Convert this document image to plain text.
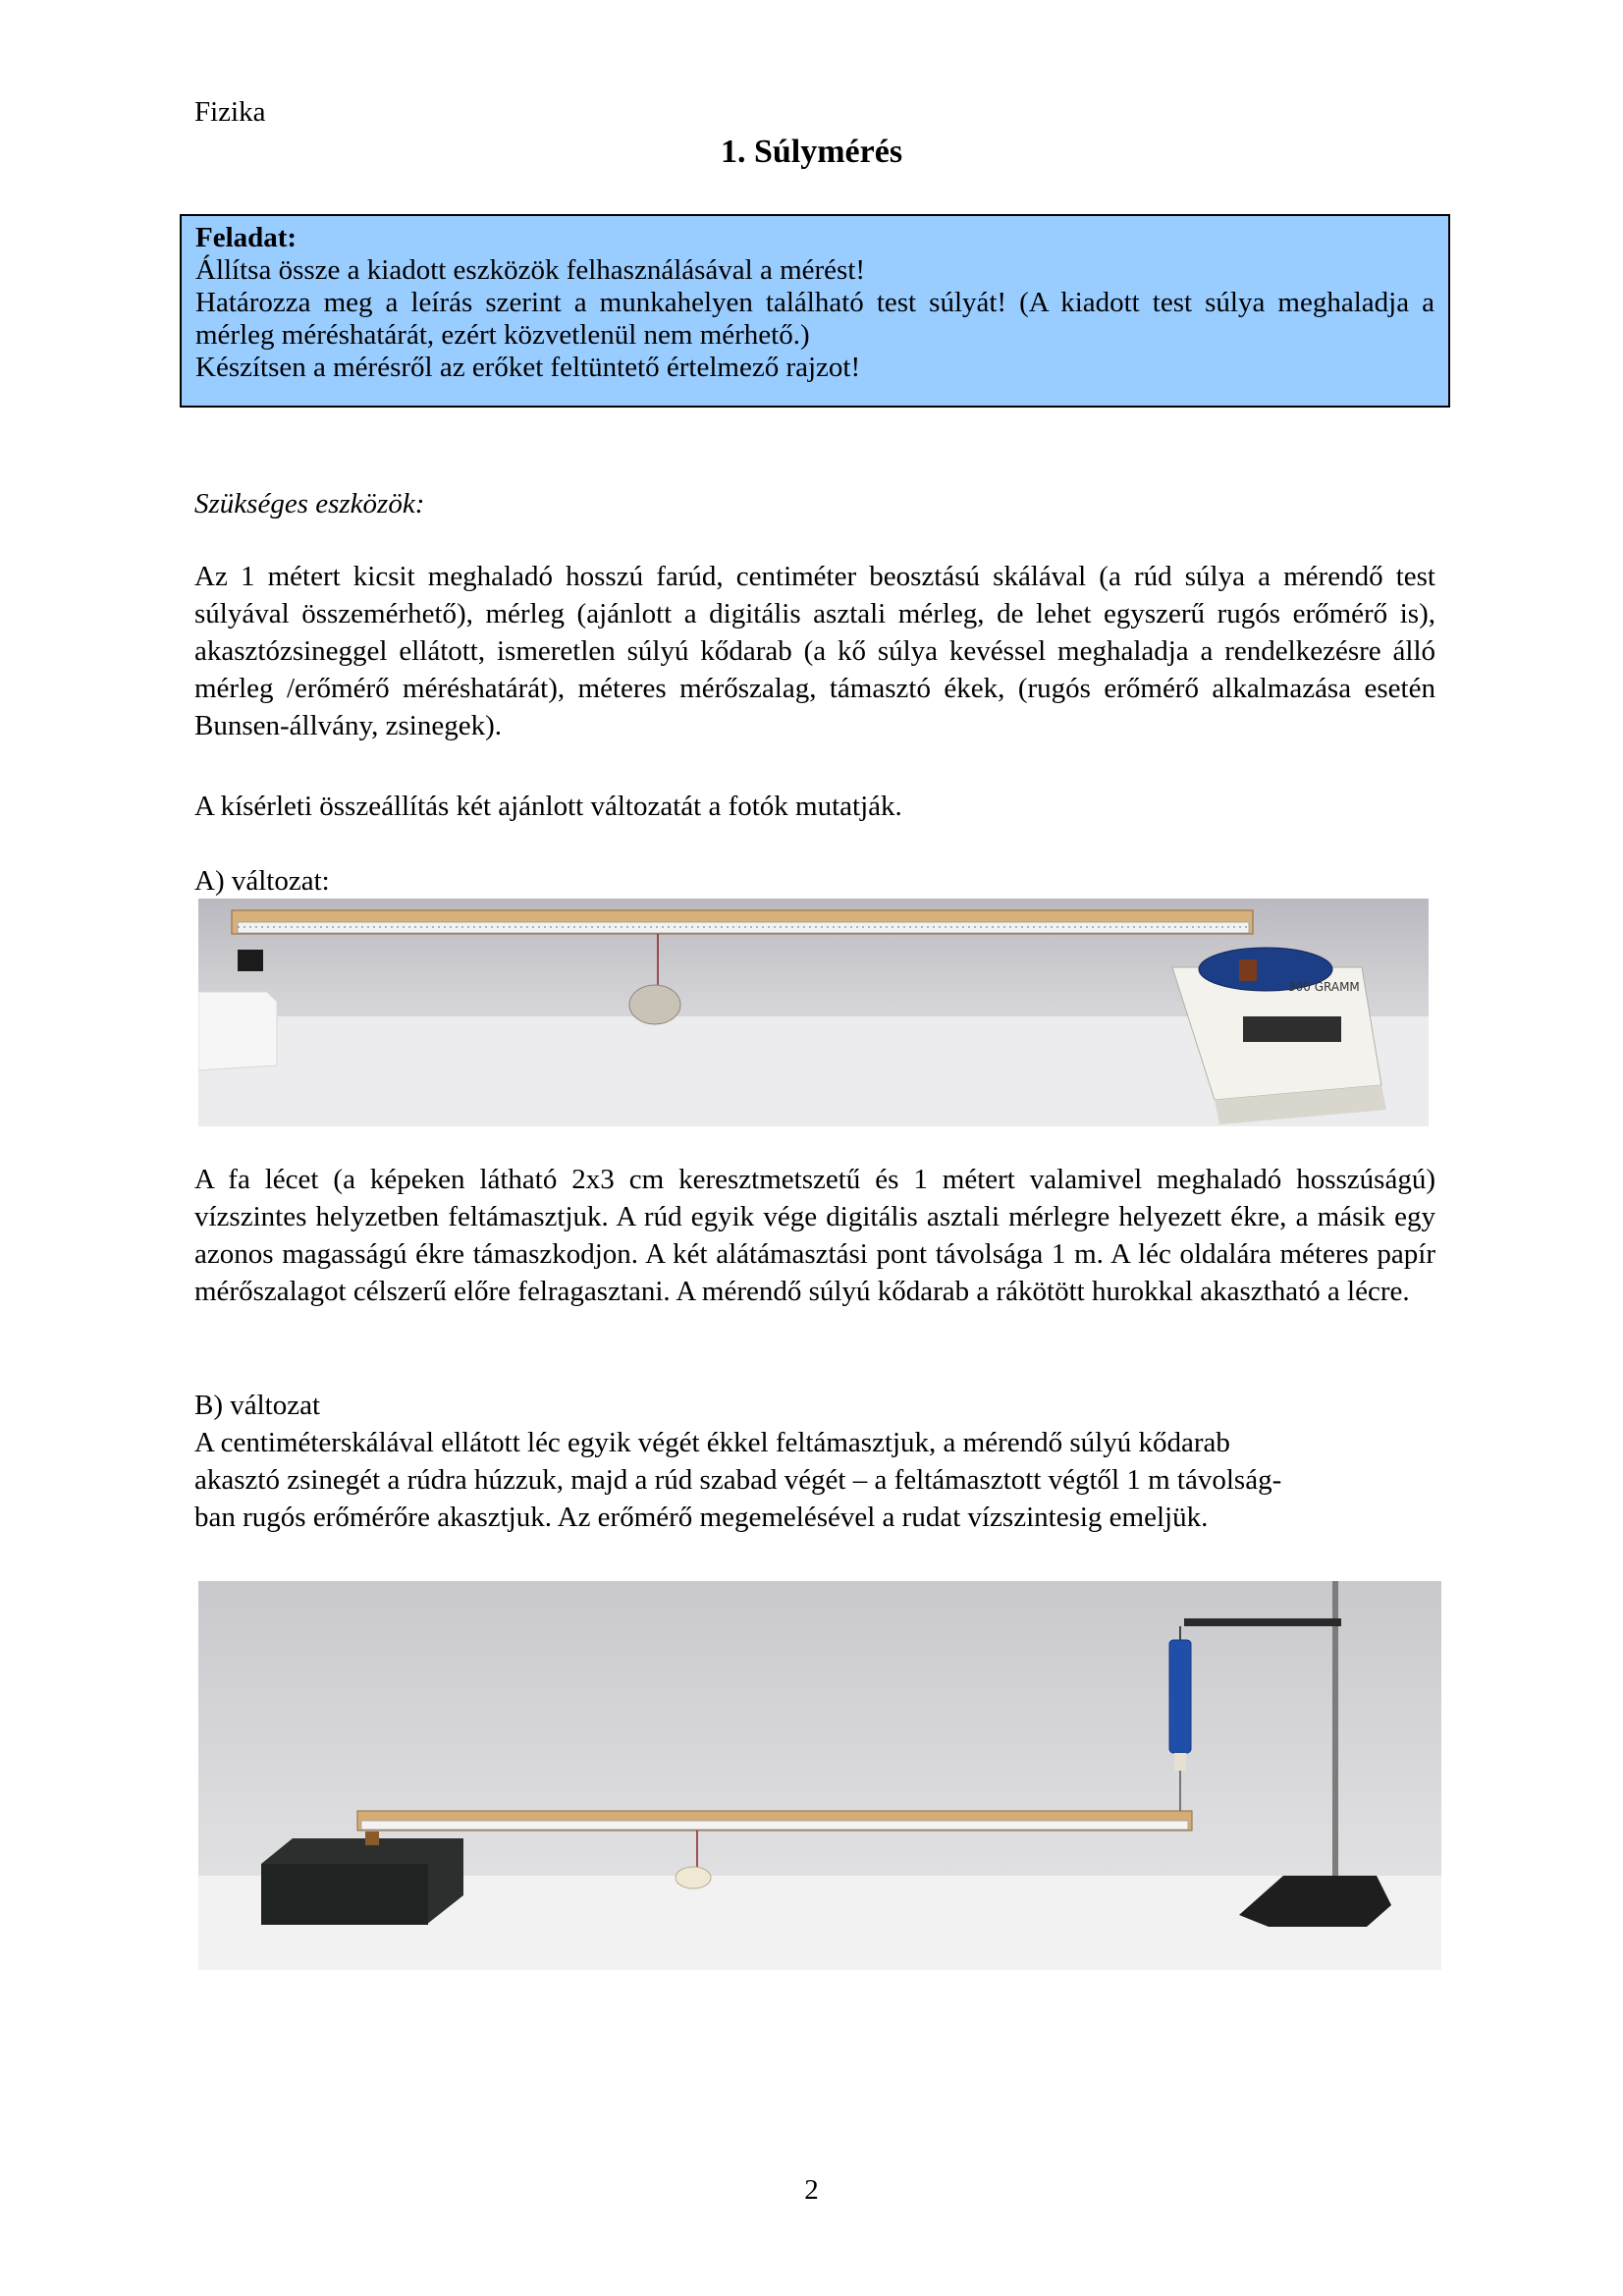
Fizika
1. Súlymérés
Feladat:

Állítsa össze a kiadott eszközök felhasználásával a mérést!

Határozza meg a leírás szerint a munkahelyen található test súlyát! (A kiadott test súlya meghaladja a mérleg méréshatárát, ezért közvetlenül nem mérhető.)

Készítsen a mérésről az erőket feltüntető értelmező rajzot!

Szükséges eszközök:

Az 1 métert kicsit meghaladó hosszú farúd, centiméter beosztású skálával (a rúd súlya a mérendő test súlyával összemérhető), mérleg (ajánlott a digitális asztali mérleg, de lehet egyszerű rugós erőmérő is), akasztózsineggel ellátott, ismeretlen súlyú kődarab (a kő súlya kevéssel meghaladja a rendelkezésre álló mérleg /erőmérő méréshatárát), méteres mérőszalag, támasztó ékek, (rugós erőmérő alkalmazása esetén Bunsen-állvány, zsinegek).

A kísérleti összeállítás két ajánlott változatát a fotók mutatják.
A) változat:
300 GRAMM

A fa lécet (a képeken látható 2x3 cm keresztmetszetű és 1 métert valamivel meghaladó hosszúságú) vízszintes helyzetben feltámasztjuk. A rúd egyik vége digitális asztali mérlegre helyezett ékre, a másik egy azonos magasságú ékre támaszkodjon. A két alátámasztási pont távolsága 1 m. A léc oldalára méteres papír mérőszalagot célszerű előre felragasztani. A mérendő súlyú kődarab a rákötött hurokkal akasztható a lécre.

B) változat

A centiméterskálával ellátott léc egyik végét ékkel feltámasztjuk, a mérendő súlyú kődarab

akasztó zsinegét a rúdra húzzuk, majd a rúd szabad végét – a feltámasztott végtől 1 m távolság-

ban rugós erőmérőre akasztjuk. Az erőmérő megemelésével a rudat vízszintesig emeljük.

2
